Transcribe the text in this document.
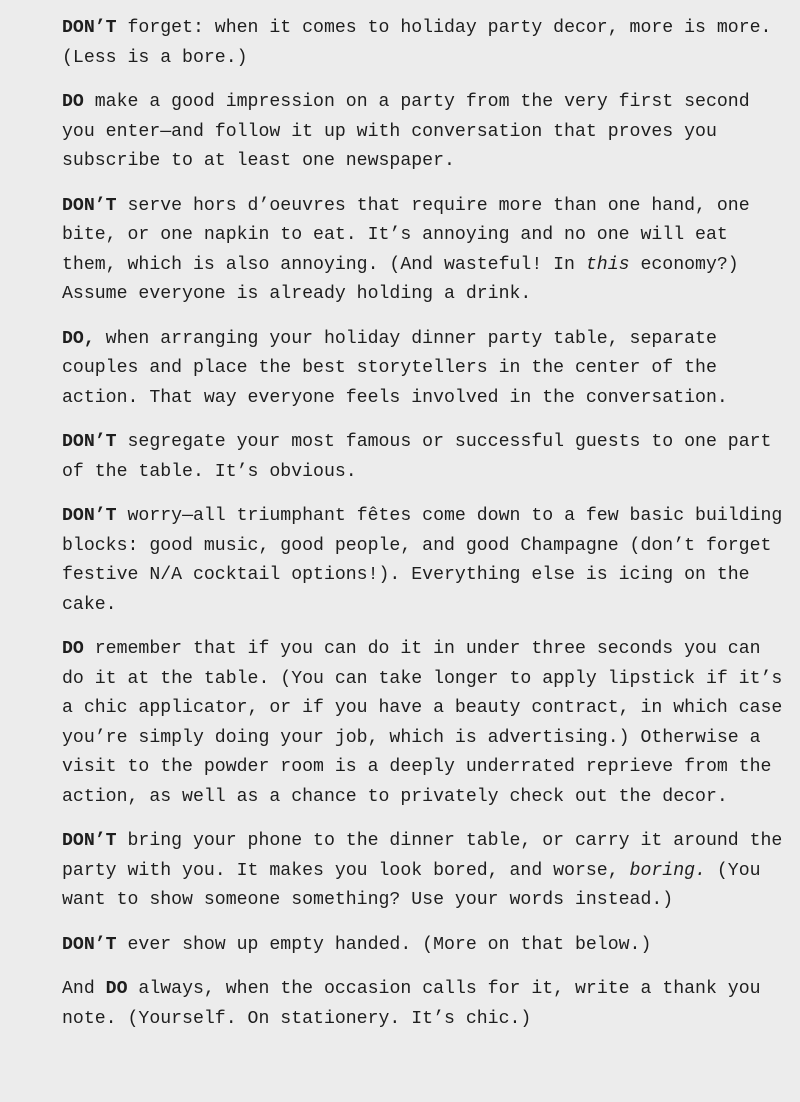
DON’T forget: when it comes to holiday party decor, more is more. (Less is a bore.)

DO make a good impression on a party from the very first second you enter—and follow it up with conversation that proves you subscribe to at least one newspaper.

DON’T serve hors d’oeuvres that require more than one hand, one bite, or one napkin to eat. It’s annoying and no one will eat them, which is also annoying. (And wasteful! In this economy?) Assume everyone is already holding a drink.

DO, when arranging your holiday dinner party table, separate couples and place the best storytellers in the center of the action. That way everyone feels involved in the conversation.

DON’T segregate your most famous or successful guests to one part of the table. It’s obvious.

DON’T worry—all triumphant fêtes come down to a few basic building blocks: good music, good people, and good Champagne (don’t forget festive N/A cocktail options!). Everything else is icing on the cake.

DO remember that if you can do it in under three seconds you can do it at the table. (You can take longer to apply lipstick if it’s a chic applicator, or if you have a beauty contract, in which case you’re simply doing your job, which is advertising.) Otherwise a visit to the powder room is a deeply underrated reprieve from the action, as well as a chance to privately check out the decor.

DON’T bring your phone to the dinner table, or carry it around the party with you. It makes you look bored, and worse, boring. (You want to show someone something? Use your words instead.)

DON’T ever show up empty handed. (More on that below.)

And DO always, when the occasion calls for it, write a thank you note. (Yourself. On stationery. It’s chic.)
